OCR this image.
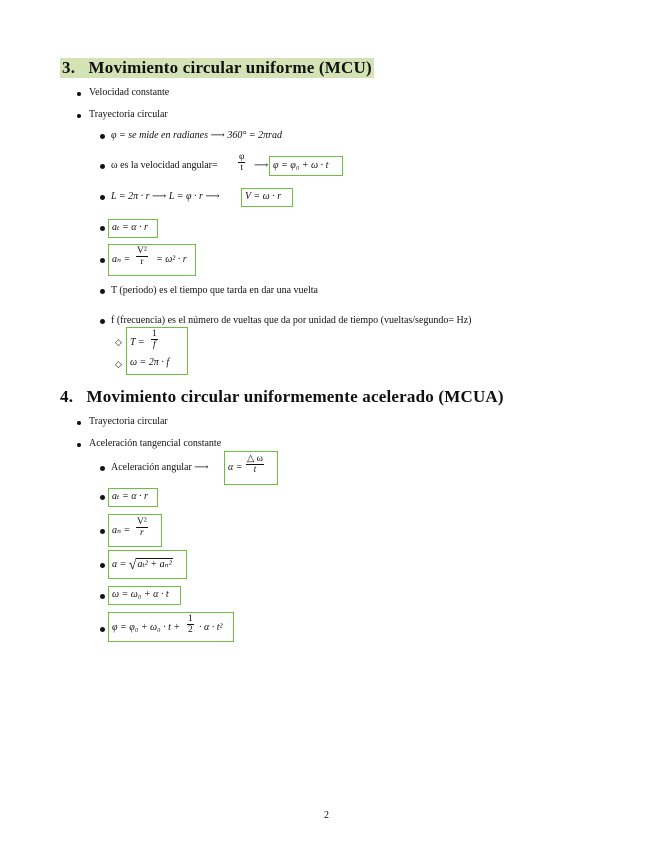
3. Movimiento circular uniforme (MCU)
Velocidad constante
Trayectoria circular
φ = se mide en radianes ⟶ 360° = 2πrad
ω es la velocidad angular= $\frac{\varphi}{t}$ ⟶ φ = φ₀ + ω · t
L = 2π · r ⟶ L = φ · r ⟶	V = ω · r
aₜ = α · r
$a_n = \frac{\text{V²}}{r} = \omega^2 \cdot r$
T (periodo) es el tiempo que tarda en dar una vuelta
f (frecuencia) es el número de vueltas que da por unidad de tiempo (vueltas/segundo= Hz)
◇
◇
$T = \frac{1}{f}$
ω = 2π · f
4. Movimiento circular uniformemente acelerado (MCUA)
Trayectoria circular
Aceleración tangencial constante
Aceleración angular ⟶ $\alpha = \frac{\triangle \omega}{t}$
aₜ = α · r
$a_n = \frac{\text{V²}}{r}$
a = √aₜ² + aₙ²
ω = ω₀ + α · t
$\varphi = \varphi_0 + \omega_0 \cdot t + \frac{1}{2} \cdot \alpha \cdot t^2$
2
